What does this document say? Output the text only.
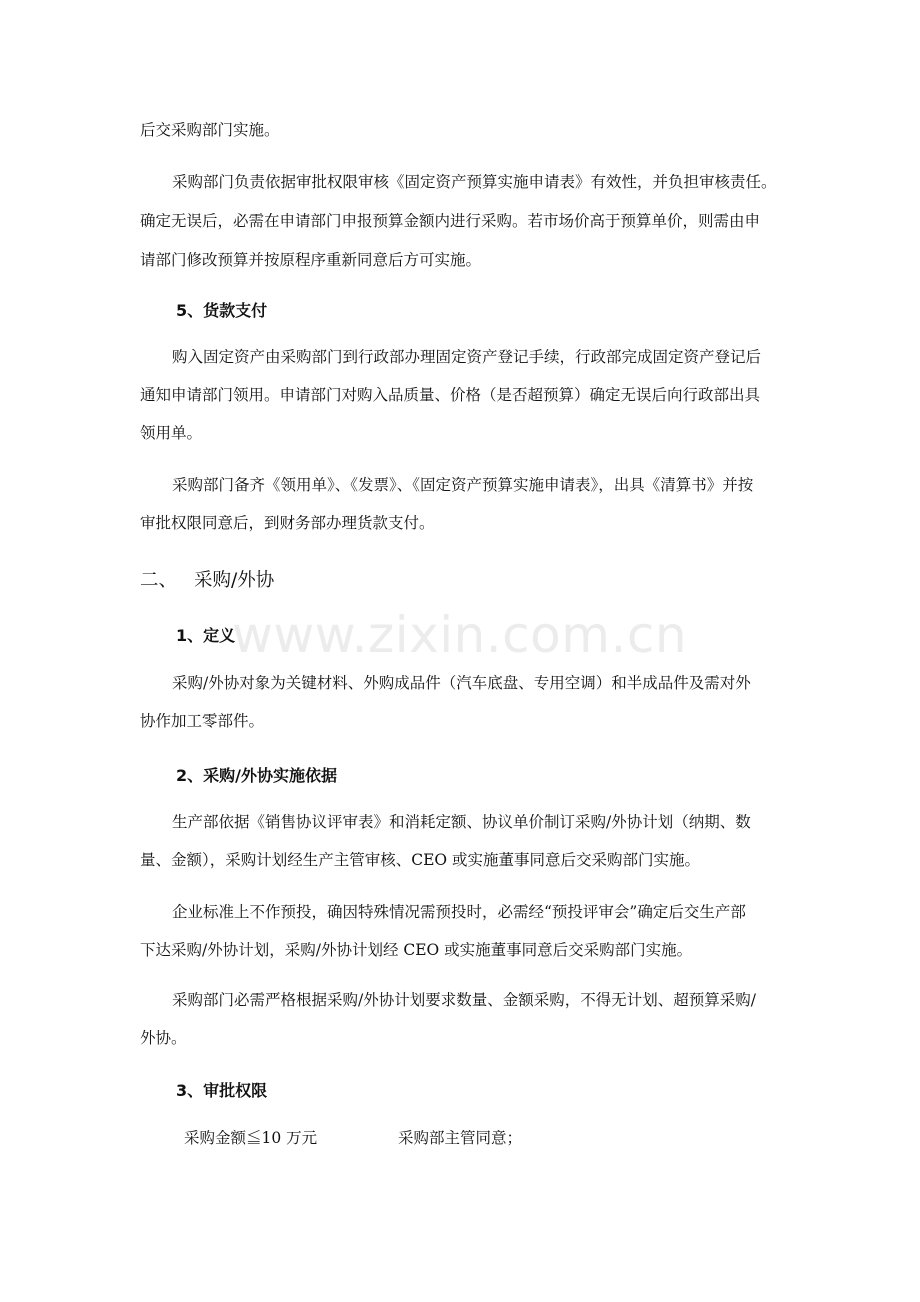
www.zixin.com.cn
后交采购部门实施。
采购部门负责依据审批权限审核《固定资产预算实施申请表》有效性，并负担审核责任。
确定无误后，必需在申请部门申报预算金额内进行采购。若市场价高于预算单价，则需由申
请部门修改预算并按原程序重新同意后方可实施。
5、货款支付
购入固定资产由采购部门到行政部办理固定资产登记手续，行政部完成固定资产登记后
通知申请部门领用。申请部门对购入品质量、价格（是否超预算）确定无误后向行政部出具
领用单。
采购部门备齐《领用单》、《发票》、《固定资产预算实施申请表》，出具《清算书》并按
审批权限同意后，到财务部办理货款支付。
二、 采购/外协
1、定义
采购/外协对象为关键材料、外购成品件（汽车底盘、专用空调）和半成品件及需对外
协作加工零部件。
2、采购/外协实施依据
生产部依据《销售协议评审表》和消耗定额、协议单价制订采购/外协计划（纳期、数
量、金额），采购计划经生产主管审核、CEO 或实施董事同意后交采购部门实施。
企业标准上不作预投，确因特殊情况需预投时，必需经“预投评审会”确定后交生产部
下达采购/外协计划，采购/外协计划经 CEO 或实施董事同意后交采购部门实施。
采购部门必需严格根据采购/外协计划要求数量、金额采购，不得无计划、超预算采购/
外协。
3、审批权限
采购金额≦10 万元	采购部主管同意；
